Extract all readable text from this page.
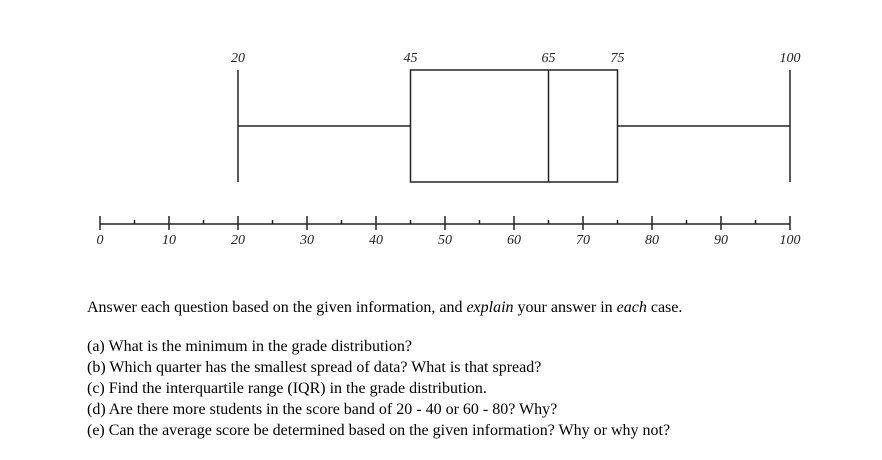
20	45	65	75	100
0	10	20	30	40	50	60	70	80	90	100

Answer each question based on the given information, and explain your answer in each case.

(a) What is the minimum in the grade distribution?

(b) Which quarter has the smallest spread of data? What is that spread?

(c) Find the interquartile range (IQR) in the grade distribution.

(d) Are there more students in the score band of 20 - 40 or 60 - 80? Why?

(e) Can the average score be determined based on the given information? Why or why not?
